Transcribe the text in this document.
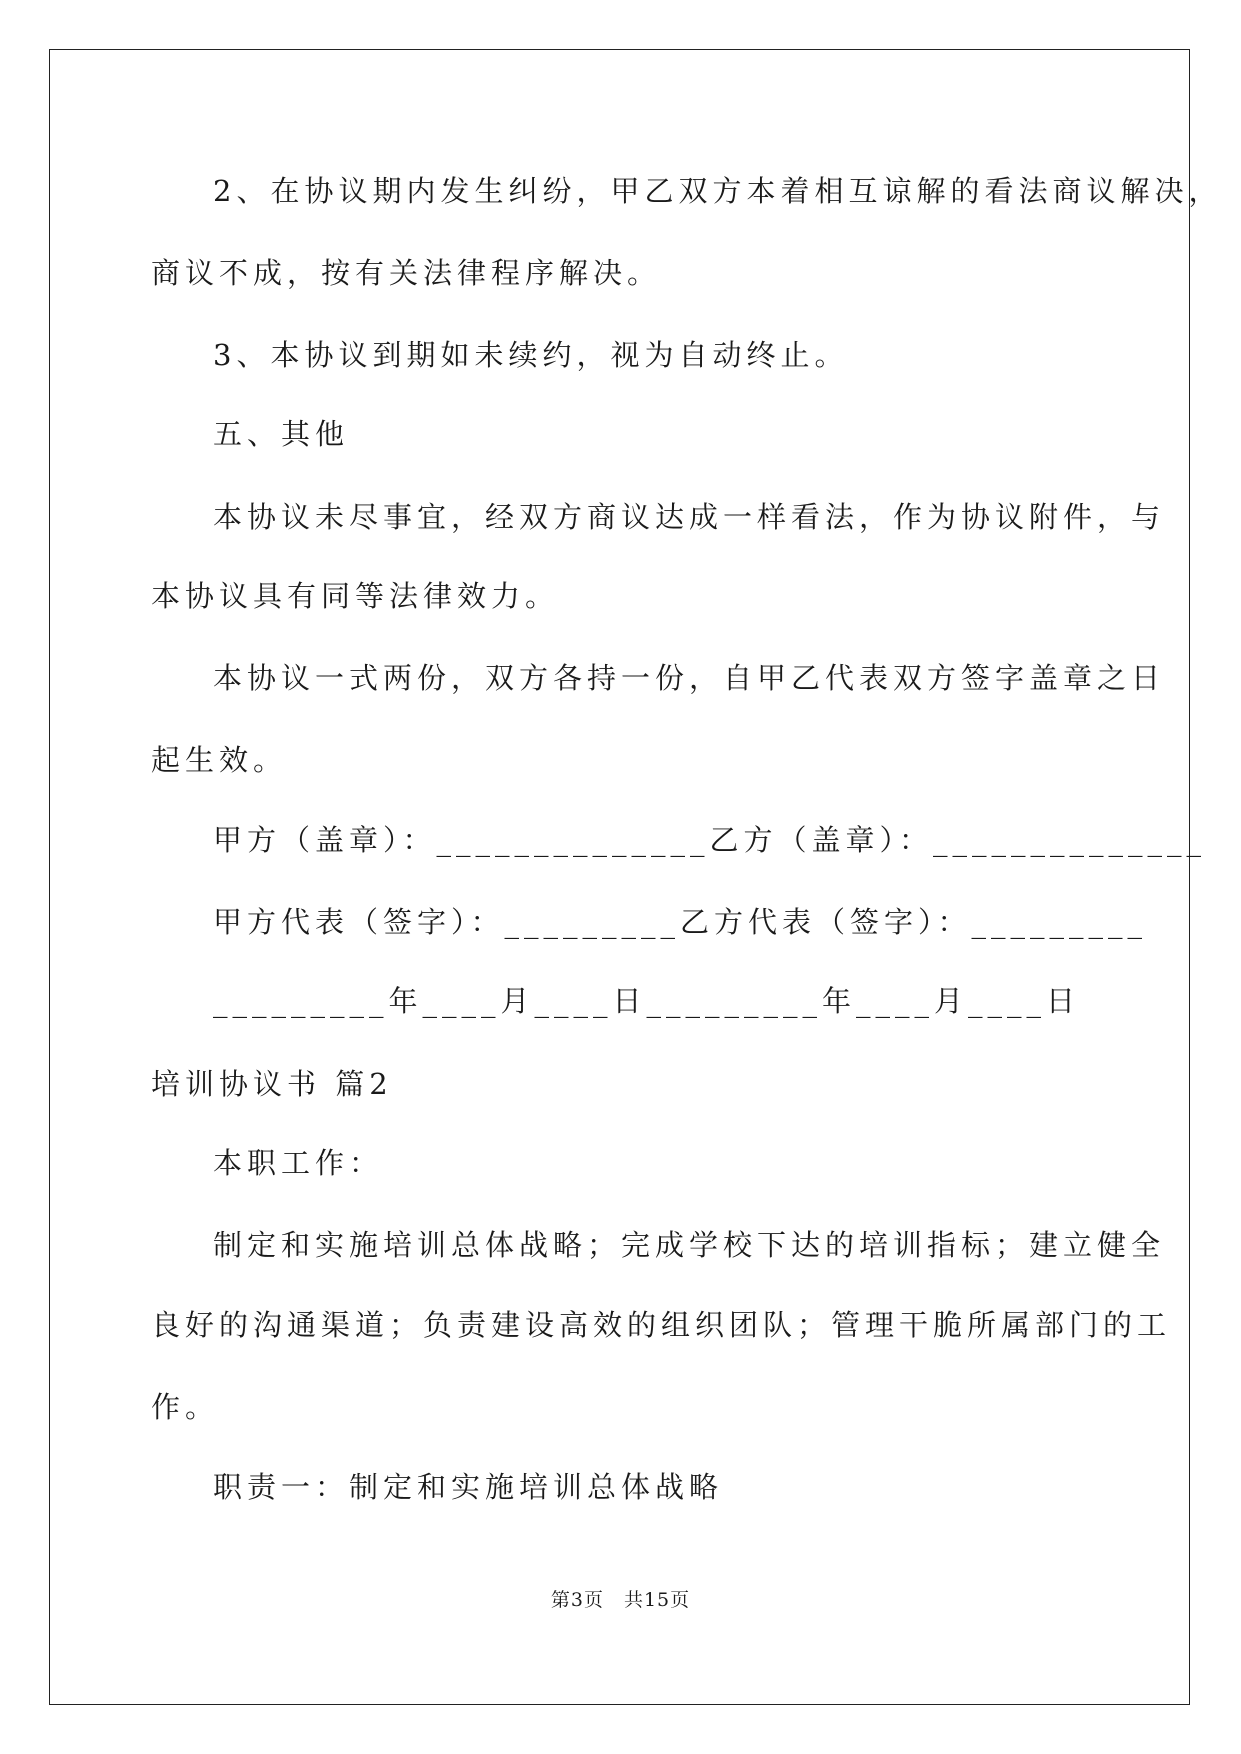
2、在协议期内发生纠纷，甲乙双方本着相互谅解的看法商议解决，
商议不成，按有关法律程序解决。
3、本协议到期如未续约，视为自动终止。
五、其他
本协议未尽事宜，经双方商议达成一样看法，作为协议附件，与
本协议具有同等法律效力。
本协议一式两份，双方各持一份，自甲乙代表双方签字盖章之日
起生效。
甲方（盖章）：______________乙方（盖章）：______________
甲方代表（签字）：_________乙方代表（签字）：_________
_________年____月____日_________年____月____日
培训协议书 篇2
本职工作：
制定和实施培训总体战略；完成学校下达的培训指标；建立健全
良好的沟通渠道；负责建设高效的组织团队；管理干脆所属部门的工
作。
职责一：制定和实施培训总体战略
第3页　共15页
